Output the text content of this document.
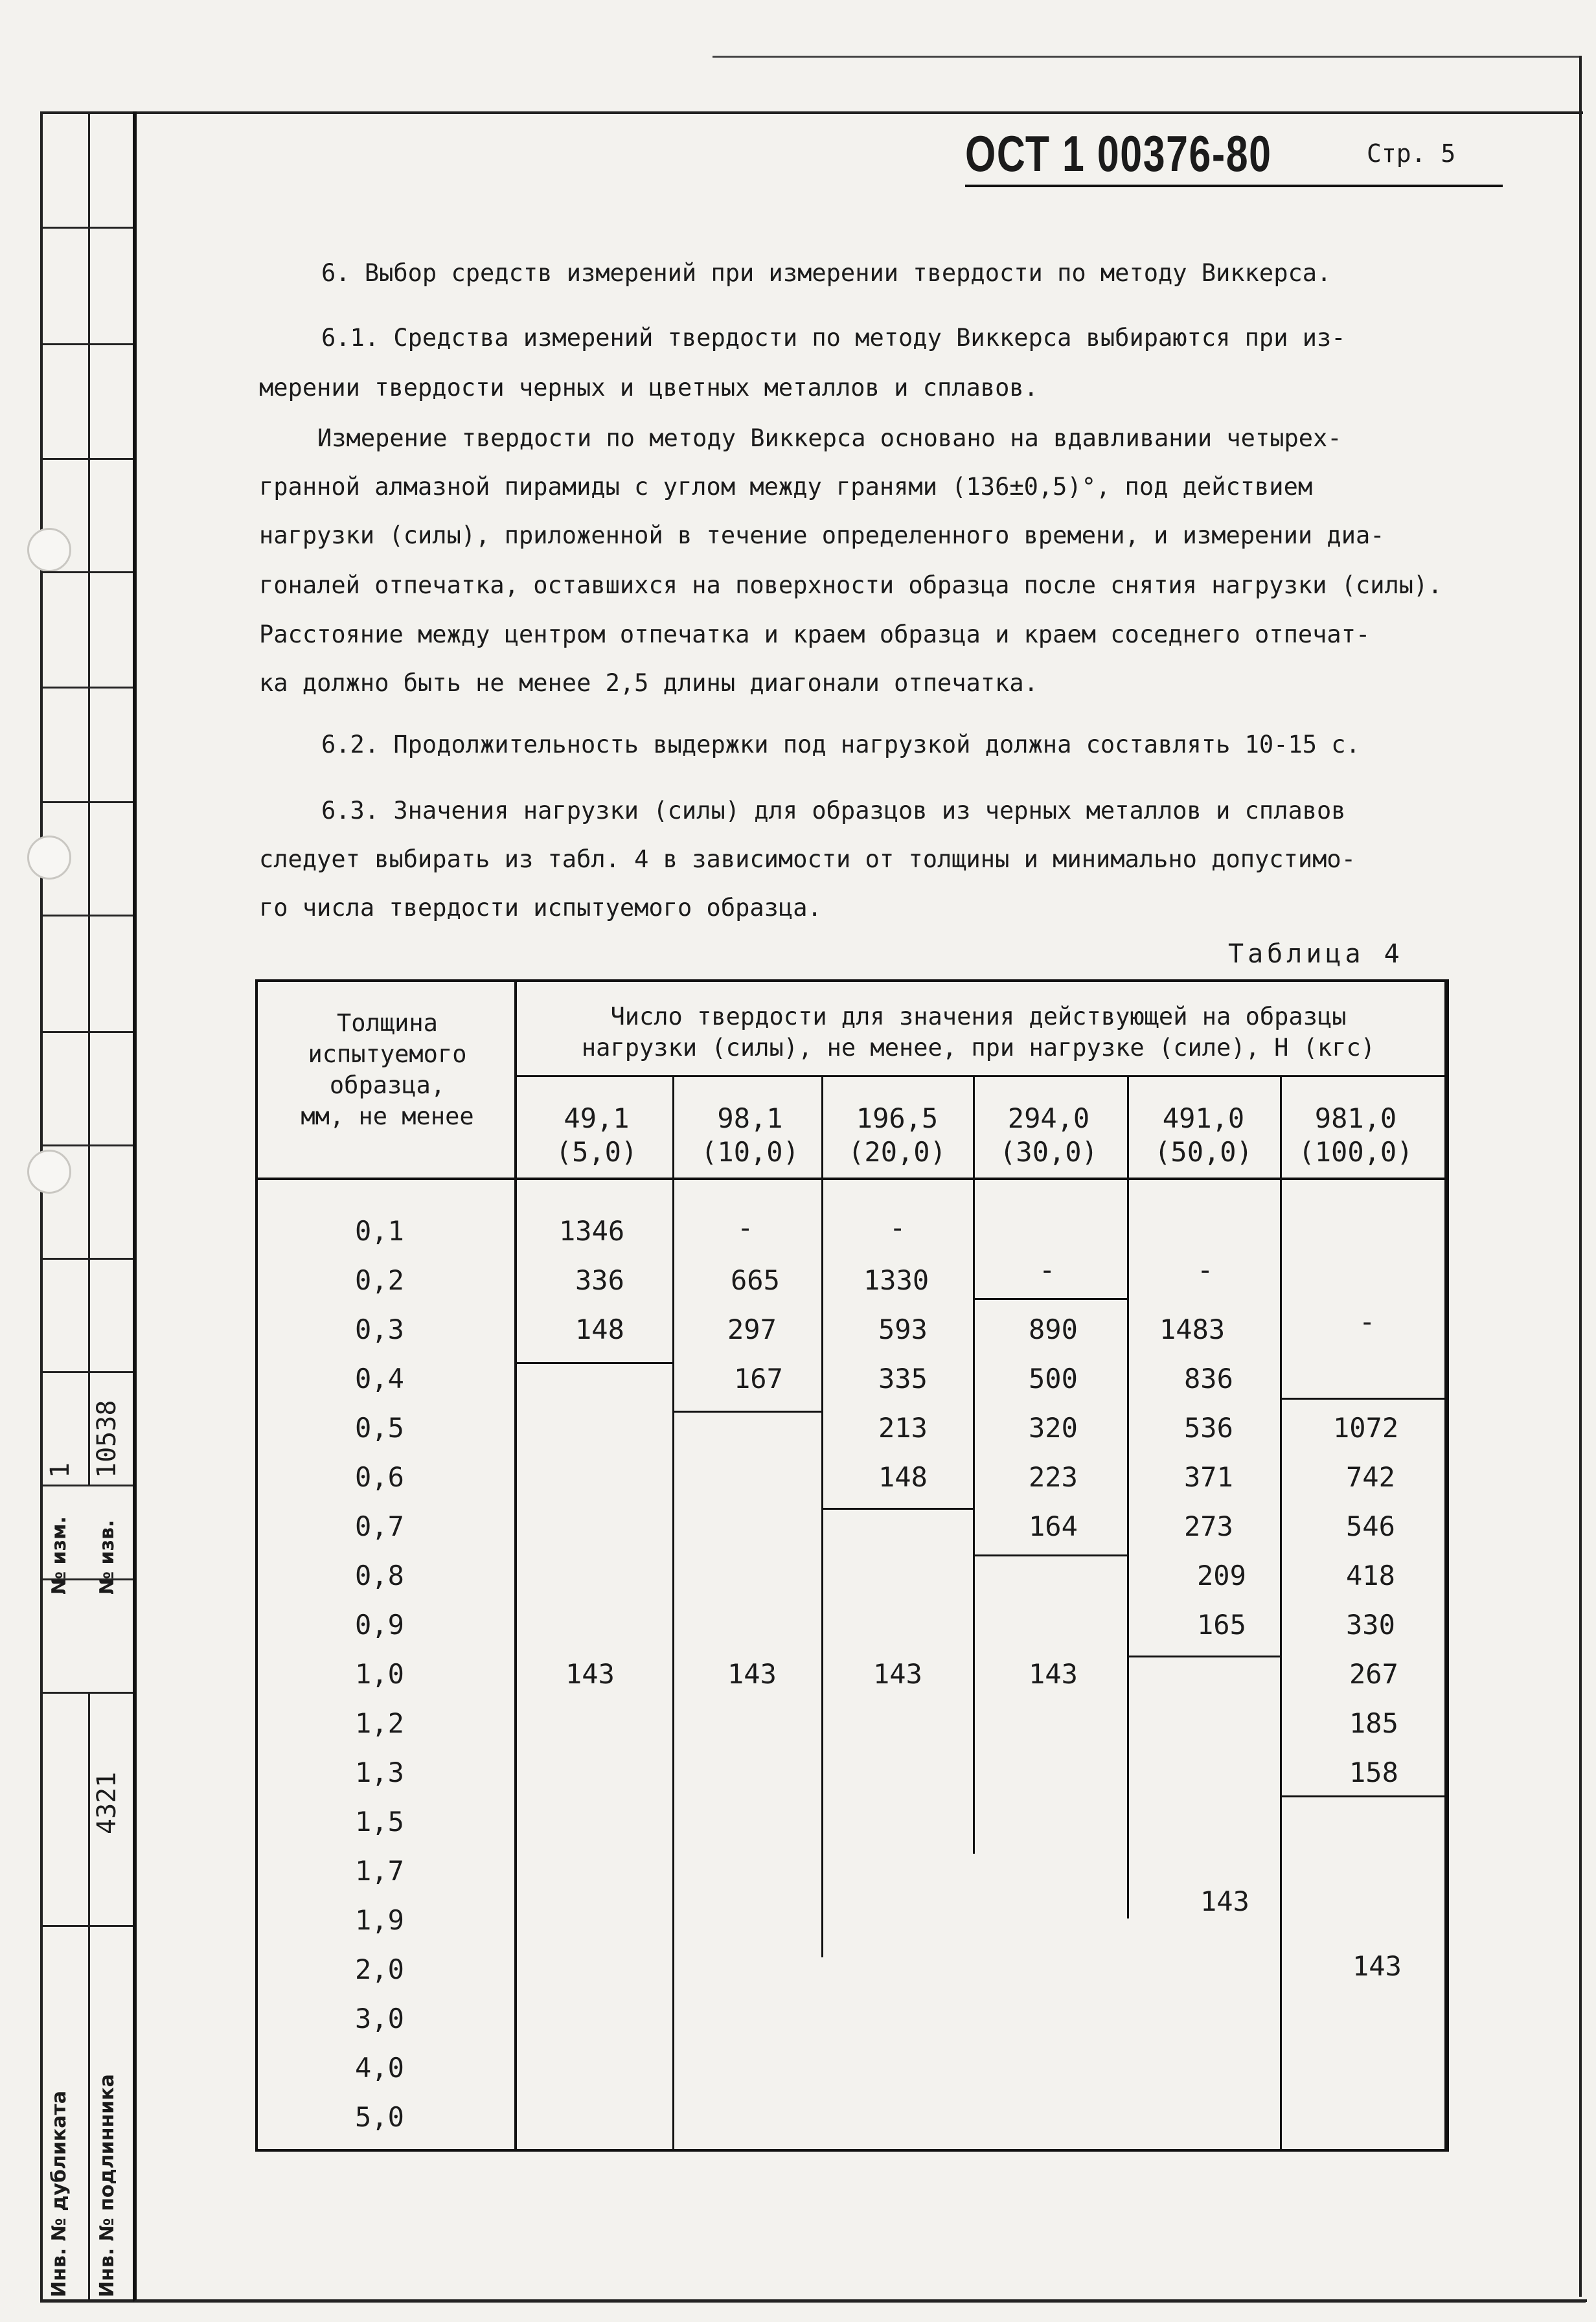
№ изм. № изв.
1 10538
4321
Инв. № дубликата Инв. № подлинника
ОСТ 1 00376-80	Стр. 5
6. Выбор средств измерений при измерении твердости по методу Виккерса.
6.1. Средства измерений твердости по методу Виккерса выбираются при из-
мерении твердости черных и цветных металлов и сплавов.
Измерение твердости по методу Виккерса основано на вдавливании четырех-
гранной алмазной пирамиды с углом между гранями (136±0,5)°, под действием
нагрузки (силы), приложенной в течение определенного времени, и измерении диа-
гоналей отпечатка, оставшихся на поверхности образца после снятия нагрузки (силы).
Расстояние между центром отпечатка и краем образца и краем соседнего отпечат-
ка должно быть не менее 2,5 длины диагонали отпечатка.
6.2. Продолжительность выдержки под нагрузкой должна составлять 10-15 с.
6.3. Значения нагрузки (силы) для образцов из черных металлов и сплавов
следует выбирать из табл. 4 в зависимости от толщины и минимально допустимо-
го числа твердости испытуемого образца.
Таблица 4
Толщина
испытуемого
образца,
мм, не менее
Число твердости для значения действующей на образцы
нагрузки (силы), не менее, при нагрузке (силе), Н (кгс)
49,1
(5,0)
98,1
(10,0)
196,5
(20,0)
294,0
(30,0)
491,0
(50,0)
981,0
(100,0)
0,1
0,2
0,3
0,4
0,5
0,6
0,7
0,8
0,9
1,0
1,2
1,3
1,5
1,7
1,9
2,0
3,0
4,0
5,0
1346
336
148
143
-
665
297
167
143
-
1330
593
335
213
148
143
-
890
500
320
223
164
143
-
1483
836
536
371
273
209
165
143
-
1072
742
546
418
330
267
185
158
143
